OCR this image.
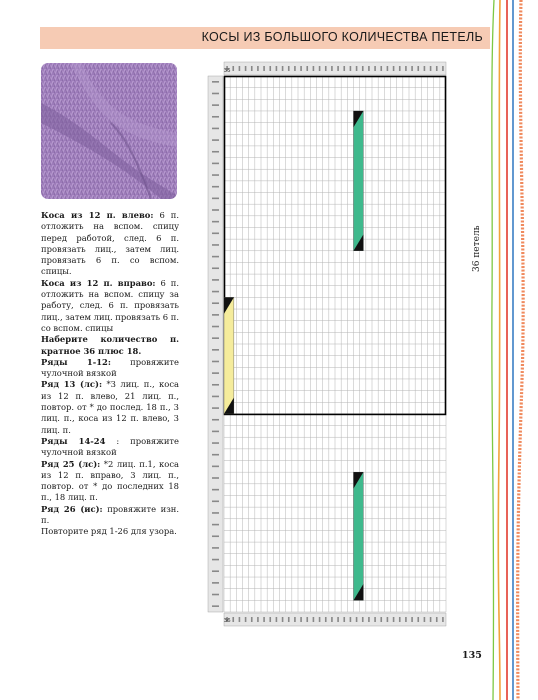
КОСЫ ИЗ БОЛЬШОГО КОЛИЧЕСТВА ПЕТЕЛЬ

Коса из 12 п. влево: 6 п. отложить на вспом. спицу перед работой, след. 6 п. провязать лиц., затем лиц. провязать 6 п. со вспом. спицы.

Коса из 12 п. вправо: 6 п. отложить на вспом. спицу за работу, след. 6 п. провязать лиц., затем лиц. провязать 6 п. со вспом. спицы

Наберите количество п. кратное 36 плюс 18.

Ряды 1-12: провяжите чулочной вязкой

Ряд 13 (лс): *3 лиц. п., коса из 12 п. влево, 21 лиц. п., повтор. от * до послед. 18 п., 3 лиц. п., коса из 12 п. влево, 3 лиц. п.

Ряды 14-24 : провяжите чулочной вязкой

Ряд 25 (лс): *2 лиц. п.1, коса из 12 п. вправо, 3 лиц. п., повтор. от * до последних 18 п., 18 лиц. п.

Ряд 26 (ис): провяжите изн. п.

Повторите ряд 1-26 для узора.

35
36
36 петель
135
